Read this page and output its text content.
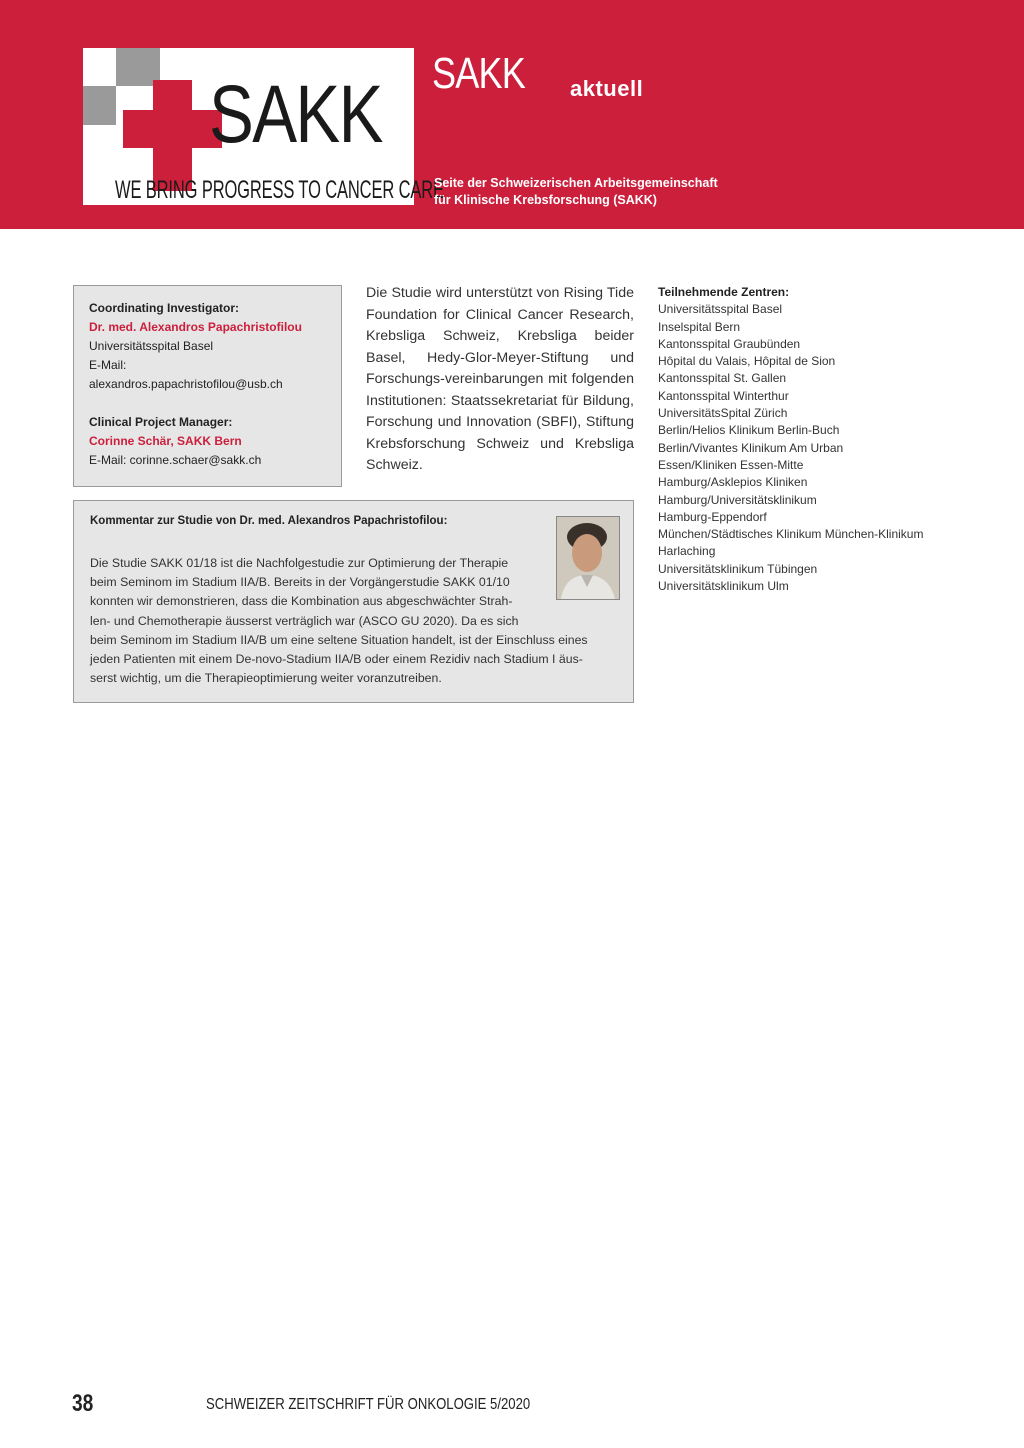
SAKK
WE BRING PROGRESS TO CANCER CARE
SAKK aktuell
Seite der Schweizerischen Arbeitsgemeinschaft
für Klinische Krebsforschung (SAKK)
Coordinating Investigator:
Dr. med. Alexandros Papachristofilou
Universitätsspital Basel
E-Mail:
alexandros.papachristofilou@usb.ch
Clinical Project Manager:
Corinne Schär, SAKK Bern
E-Mail: corinne.schaer@sakk.ch
Die Studie wird unterstützt von Rising Tide Foundation for Clinical Cancer Research, Krebsliga Schweiz, Krebsliga beider Basel, Hedy-Glor-Meyer-Stiftung und Forschungs-vereinbarungen mit folgenden Institutionen: Staatssekretariat für Bildung, Forschung und Innovation (SBFI), Stiftung Krebsforschung Schweiz und Krebsliga Schweiz.
Teilnehmende Zentren:
Universitätsspital Basel
Inselspital Bern
Kantonsspital Graubünden
Hôpital du Valais, Hôpital de Sion
Kantonsspital St. Gallen
Kantonsspital Winterthur
UniversitätsSpital Zürich
Berlin/Helios Klinikum Berlin-Buch
Berlin/Vivantes Klinikum Am Urban
Essen/Kliniken Essen-Mitte
Hamburg/Asklepios Kliniken
Hamburg/Universitätsklinikum
Hamburg-Eppendorf
München/Städtisches Klinikum München-Klinikum
Harlaching
Universitätsklinikum Tübingen
Universitätsklinikum Ulm
Kommentar zur Studie von Dr. med. Alexandros Papachristofilou:
Die Studie SAKK 01/18 ist die Nachfolgestudie zur Optimierung der Therapie
beim Seminom im Stadium IIA/B. Bereits in der Vorgängerstudie SAKK 01/10
konnten wir demonstrieren, dass die Kombination aus abgeschwächter Strah-
len- und Chemotherapie äusserst verträglich war (ASCO GU 2020). Da es sich
beim Seminom im Stadium IIA/B um eine seltene Situation handelt, ist der Einschluss eines
jeden Patienten mit einem De-novo-Stadium IIA/B oder einem Rezidiv nach Stadium I äus-
serst wichtig, um die Therapieoptimierung weiter voranzutreiben.
38	SCHWEIZER ZEITSCHRIFT FÜR ONKOLOGIE 5/2020
